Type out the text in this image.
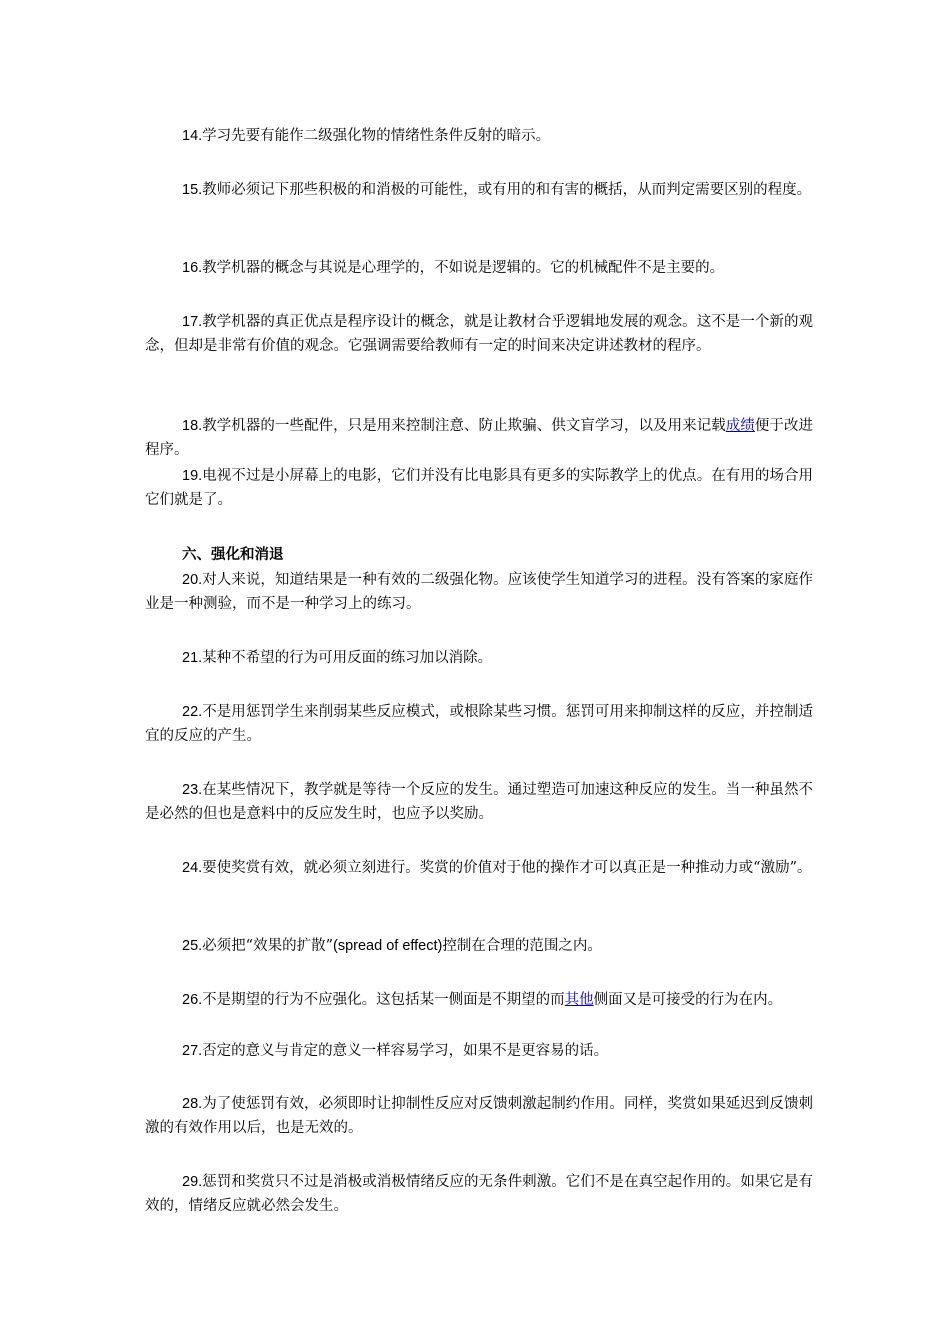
14.学习先要有能作二级强化物的情绪性条件反射的暗示。

15.教师必须记下那些积极的和消极的可能性，或有用的和有害的概括，从而判定需要区别的程度。

16.教学机器的概念与其说是心理学的，不如说是逻辑的。它的机械配件不是主要的。

17.教学机器的真正优点是程序设计的概念，就是让教材合乎逻辑地发展的观念。这不是一个新的观念，但却是非常有价值的观念。它强调需要给教师有一定的时间来决定讲述教材的程序。

18.教学机器的一些配件，只是用来控制注意、防止欺骗、供文盲学习，以及用来记载成绩便于改进程序。

19.电视不过是小屏幕上的电影，它们并没有比电影具有更多的实际教学上的优点。在有用的场合用它们就是了。

六、强化和消退

20.对人来说，知道结果是一种有效的二级强化物。应该使学生知道学习的进程。没有答案的家庭作业是一种测验，而不是一种学习上的练习。

21.某种不希望的行为可用反面的练习加以消除。

22.不是用惩罚学生来削弱某些反应模式，或根除某些习惯。惩罚可用来抑制这样的反应，并控制适宜的反应的产生。

23.在某些情况下，教学就是等待一个反应的发生。通过塑造可加速这种反应的发生。当一种虽然不是必然的但也是意料中的反应发生时，也应予以奖励。

24.要使奖赏有效，就必须立刻进行。奖赏的价值对于他的操作才可以真正是一种推动力或“激励”。

25.必须把“效果的扩散”(spread of effect)控制在合理的范围之内。

26.不是期望的行为不应强化。这包括某一侧面是不期望的而其他侧面又是可接受的行为在内。

27.否定的意义与肯定的意义一样容易学习，如果不是更容易的话。

28.为了使惩罚有效，必须即时让抑制性反应对反馈刺激起制约作用。同样，奖赏如果延迟到反馈刺激的有效作用以后，也是无效的。

29.惩罚和奖赏只不过是消极或消极情绪反应的无条件刺激。它们不是在真空起作用的。如果它是有效的，情绪反应就必然会发生。
